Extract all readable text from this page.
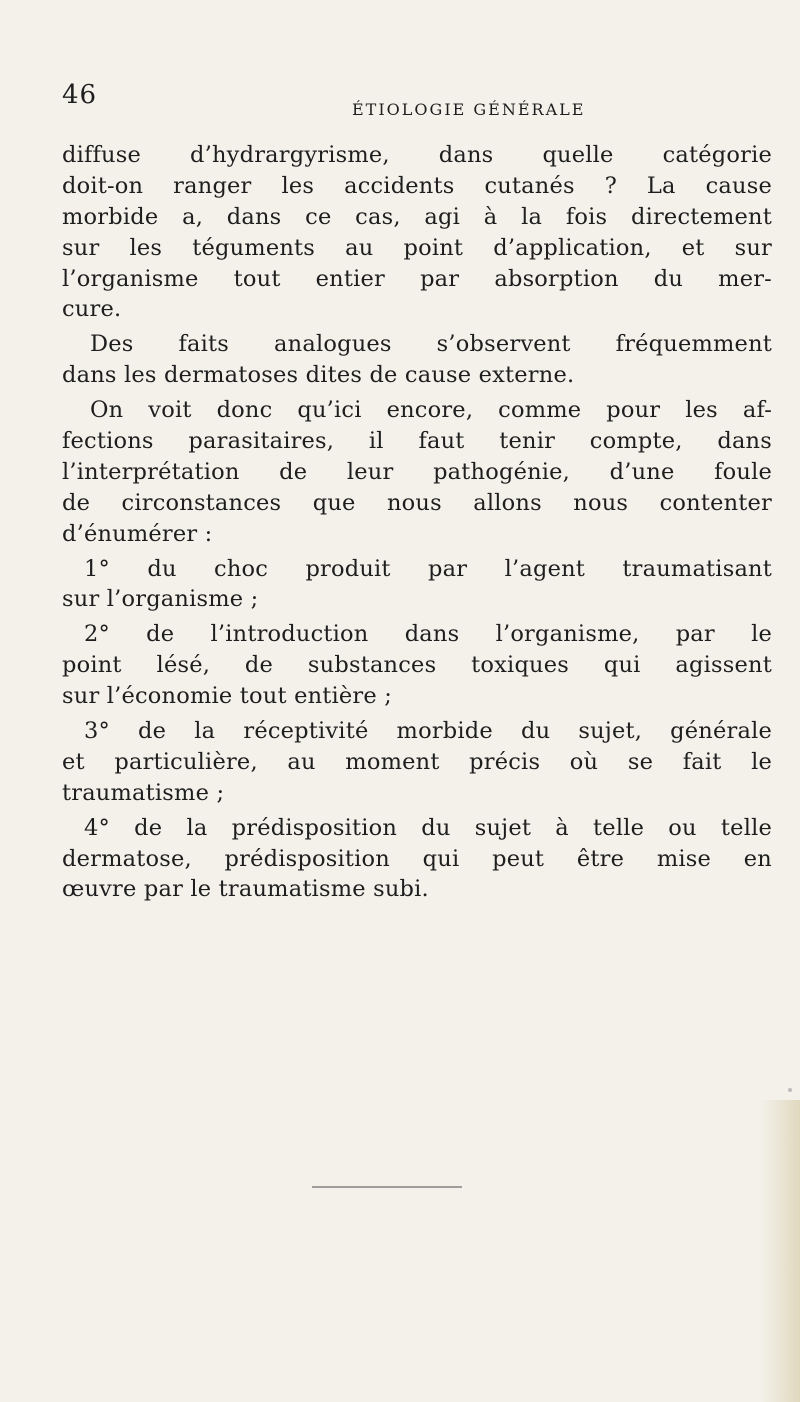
46	ÉTIOLOGIE GÉNÉRALE
diffuse d’hydrargyrisme, dans quelle catégorie
doit-on ranger les accidents cutanés ? La cause
morbide a, dans ce cas, agi à la fois directement
sur les téguments au point d’application, et sur
l’organisme tout entier par absorption du mer-
cure.
Des faits analogues s’observent fréquemment
dans les dermatoses dites de cause externe.
On voit donc qu’ici encore, comme pour les af-
fections parasitaires, il faut tenir compte, dans
l’interprétation de leur pathogénie, d’une foule
de circonstances que nous allons nous contenter
d’énumérer :
1° du choc produit par l’agent traumatisant
sur l’organisme ;
2° de l’introduction dans l’organisme, par le
point lésé, de substances toxiques qui agissent
sur l’économie tout entière ;
3° de la réceptivité morbide du sujet, générale
et particulière, au moment précis où se fait le
traumatisme ;
4° de la prédisposition du sujet à telle ou telle
dermatose, prédisposition qui peut être mise en
œuvre par le traumatisme subi.
